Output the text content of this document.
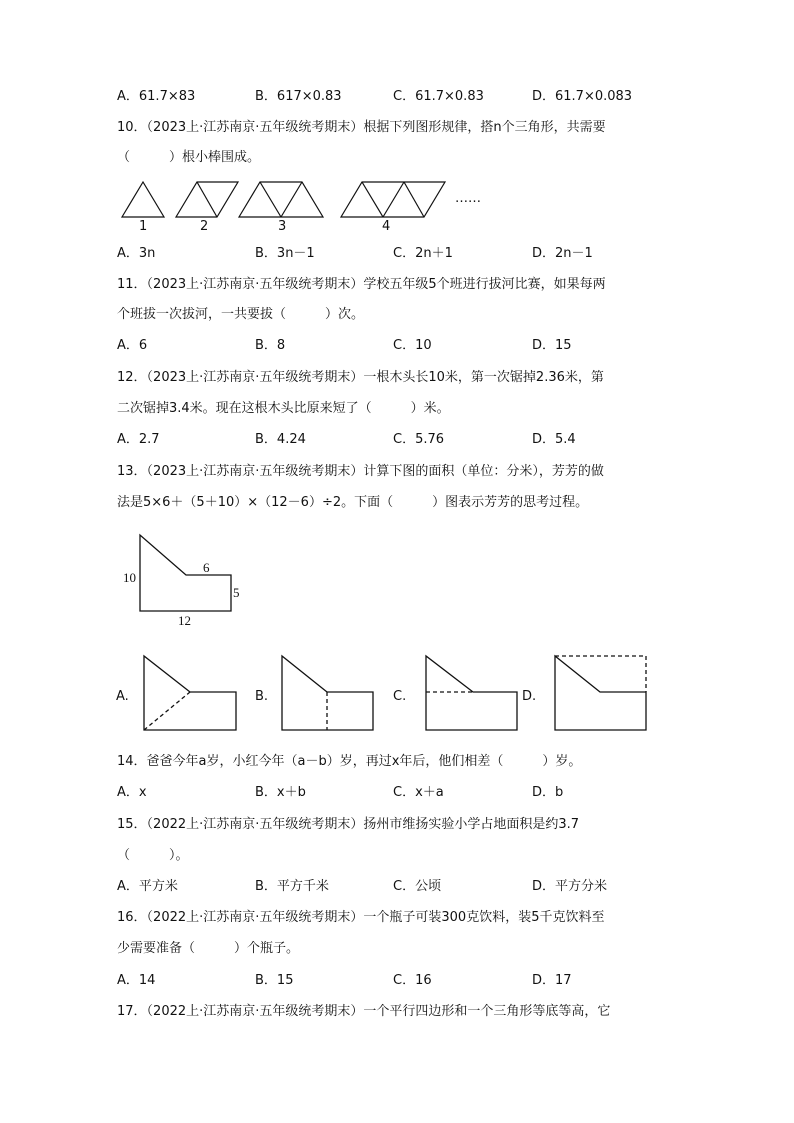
A．61.7×83	B．617×0.83	C．61.7×0.83	D．61.7×0.083
10．（2023上·江苏南京·五年级统考期末）根据下列图形规律，搭n个三角形，共需要
（　　　）根小棒围成。
1	2	3	4
……
A．3n	B．3n－1	C．2n＋1	D．2n－1
11．（2023上·江苏南京·五年级统考期末）学校五年级5个班进行拔河比赛，如果每两
个班拔一次拔河，一共要拔（　　　）次。
A．6	B．8	C．10	D．15
12．（2023上·江苏南京·五年级统考期末）一根木头长10米，第一次锯掉2.36米，第
二次锯掉3.4米。现在这根木头比原来短了（　　　）米。
A．2.7	B．4.24	C．5.76	D．5.4
13．（2023上·江苏南京·五年级统考期末）计算下图的面积（单位：分米），芳芳的做
法是5×6＋（5＋10）×（12－6）÷2。下面（　　　）图表示芳芳的思考过程。
10
6
5
12
A.	B.	C.	D.
14．爸爸今年a岁，小红今年（a－b）岁，再过x年后，他们相差（　　　）岁。
A．x	B．x＋b	C．x＋a	D．b
15．（2022上·江苏南京·五年级统考期末）扬州市维扬实验小学占地面积是约3.7
（　　　）。
A．平方米	B．平方千米	C．公顷	D．平方分米
16．（2022上·江苏南京·五年级统考期末）一个瓶子可装300克饮料，装5千克饮料至
少需要准备（　　　）个瓶子。
A．14	B．15	C．16	D．17
17．（2022上·江苏南京·五年级统考期末）一个平行四边形和一个三角形等底等高，它
